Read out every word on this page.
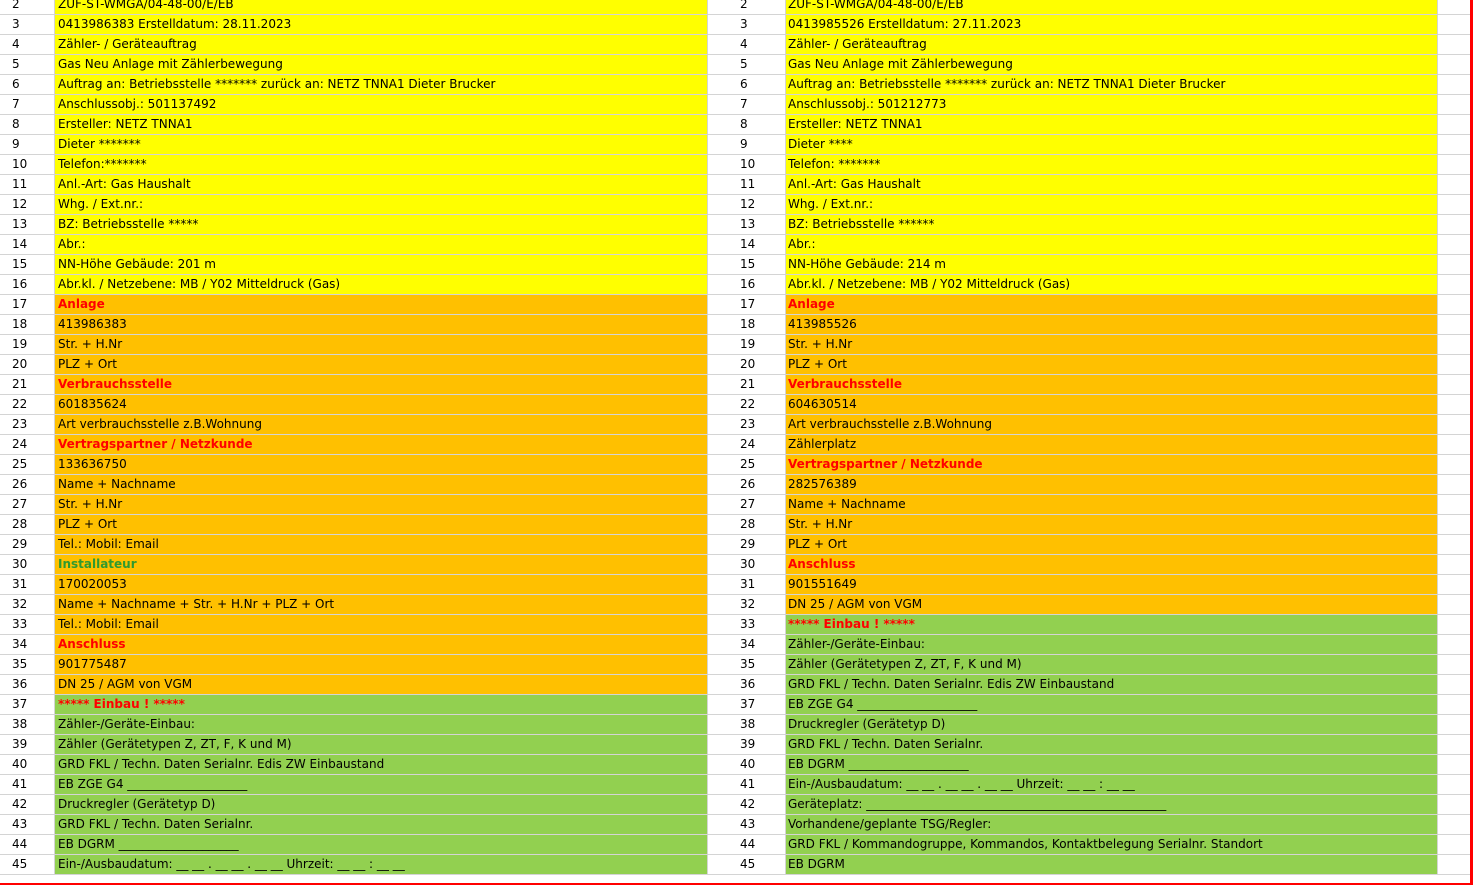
2	ZUF-ST-WMGA/04-48-00/E/EB	2	ZUF-ST-WMGA/04-48-00/E/EB
3	0413986383 Erstelldatum: 28.11.2023	3	0413985526 Erstelldatum: 27.11.2023
4	Zähler- / Geräteauftrag	4	Zähler- / Geräteauftrag
5	Gas Neu Anlage mit Zählerbewegung	5	Gas Neu Anlage mit Zählerbewegung
6	Auftrag an: Betriebsstelle ******* zurück an: NETZ TNNA1 Dieter Brucker	6	Auftrag an: Betriebsstelle ******* zurück an: NETZ TNNA1 Dieter Brucker
7	Anschlussobj.: 501137492	7	Anschlussobj.: 501212773
8	Ersteller: NETZ TNNA1	8	Ersteller: NETZ TNNA1
9	Dieter *******	9	Dieter ****
10	Telefon:*******	10	Telefon: *******
11	Anl.-Art: Gas Haushalt	11	Anl.-Art: Gas Haushalt
12	Whg. / Ext.nr.:	12	Whg. / Ext.nr.:
13	BZ: Betriebsstelle *****	13	BZ: Betriebsstelle ******
14	Abr.:	14	Abr.:
15	NN-Höhe Gebäude: 201 m	15	NN-Höhe Gebäude: 214 m
16	Abr.kl. / Netzebene: MB / Y02 Mitteldruck (Gas)	16	Abr.kl. / Netzebene: MB / Y02 Mitteldruck (Gas)
17	Anlage	17	Anlage
18	413986383	18	413985526
19	Str. + H.Nr	19	Str. + H.Nr
20	PLZ + Ort	20	PLZ + Ort
21	Verbrauchsstelle	21	Verbrauchsstelle
22	601835624	22	604630514
23	Art verbrauchsstelle z.B.Wohnung	23	Art verbrauchsstelle z.B.Wohnung
24	Vertragspartner / Netzkunde	24	Zählerplatz
25	133636750	25	Vertragspartner / Netzkunde
26	Name + Nachname	26	282576389
27	Str. + H.Nr	27	Name + Nachname
28	PLZ + Ort	28	Str. + H.Nr
29	Tel.: Mobil: Email	29	PLZ + Ort
30	Installateur	30	Anschluss
31	170020053	31	901551649
32	Name + Nachname + Str. + H.Nr + PLZ + Ort	32	DN 25 / AGM von VGM
33	Tel.: Mobil: Email	33	***** Einbau ! *****
34	Anschluss	34	Zähler-/Geräte-Einbau:
35	901775487	35	Zähler (Gerätetypen Z, ZT, F, K und M)
36	DN 25 / AGM von VGM	36	GRD FKL / Techn. Daten Serialnr. Edis ZW Einbaustand
37	***** Einbau ! *****	37	EB ZGE G4 ____________________
38	Zähler-/Geräte-Einbau:	38	Druckregler (Gerätetyp D)
39	Zähler (Gerätetypen Z, ZT, F, K und M)	39	GRD FKL / Techn. Daten Serialnr.
40	GRD FKL / Techn. Daten Serialnr. Edis ZW Einbaustand	40	EB DGRM ____________________
41	EB ZGE G4 ____________________	41	Ein-/Ausbaudatum: __ __ . __ __ . __ __ Uhrzeit: __ __ : __ __
42	Druckregler (Gerätetyp D)	42	Geräteplatz: __________________________________________________
43	GRD FKL / Techn. Daten Serialnr.	43	Vorhandene/geplante TSG/Regler:
44	EB DGRM ____________________	44	GRD FKL / Kommandogruppe, Kommandos, Kontaktbelegung Serialnr. Standort
45	Ein-/Ausbaudatum: __ __ . __ __ . __ __ Uhrzeit: __ __ : __ __	45	EB DGRM
